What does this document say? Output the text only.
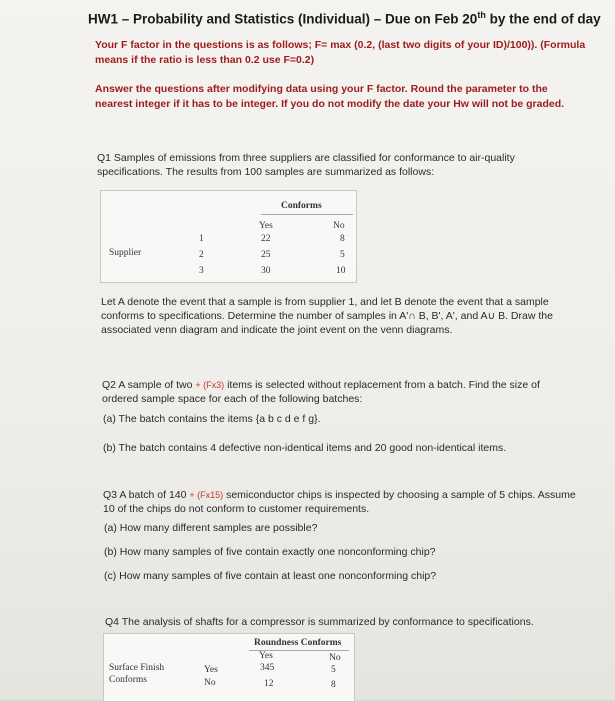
HW1 – Probability and Statistics (Individual) – Due on Feb 20th by the end of day
Your F factor in the questions is as follows; F= max (0.2, (last two digits of your ID)/100)). (Formula
means if the ratio is less than 0.2 use F=0.2)
Answer the questions after modifying data using your F factor. Round the parameter to the
nearest integer if it has to be integer. If you do not modify the date your Hw will not be graded.
Q1 Samples of emissions from three suppliers are classified for conformance to air-quality
specifications. The results from 100 samples are summarized as follows:
Conforms
Yes	No
Supplier
1	22	8
2	25	5
3	30	10
Let A denote the event that a sample is from supplier 1, and let B denote the event that a sample
conforms to specifications. Determine the number of samples in A'∩ B, B', A', and A∪ B. Draw the
associated venn diagram and indicate the joint event on the venn diagrams.
Q2 A sample of two + (Fx3) items is selected without replacement from a batch. Find the size of
ordered sample space for each of the following batches:
(a) The batch contains the items {a b c d e f g}.
(b) The batch contains 4 defective non-identical items and 20 good non-identical items.
Q3 A batch of 140 + (Fx15) semiconductor chips is inspected by choosing a sample of 5 chips. Assume
10 of the chips do not conform to customer requirements.
(a) How many different samples are possible?
(b) How many samples of five contain exactly one nonconforming chip?
(c) How many samples of five contain at least one nonconforming chip?
Q4 The analysis of shafts for a compressor is summarized by conformance to specifications.
Roundness Conforms
Yes	No
Surface Finish
Conforms
Yes	345	5
No	12	8
